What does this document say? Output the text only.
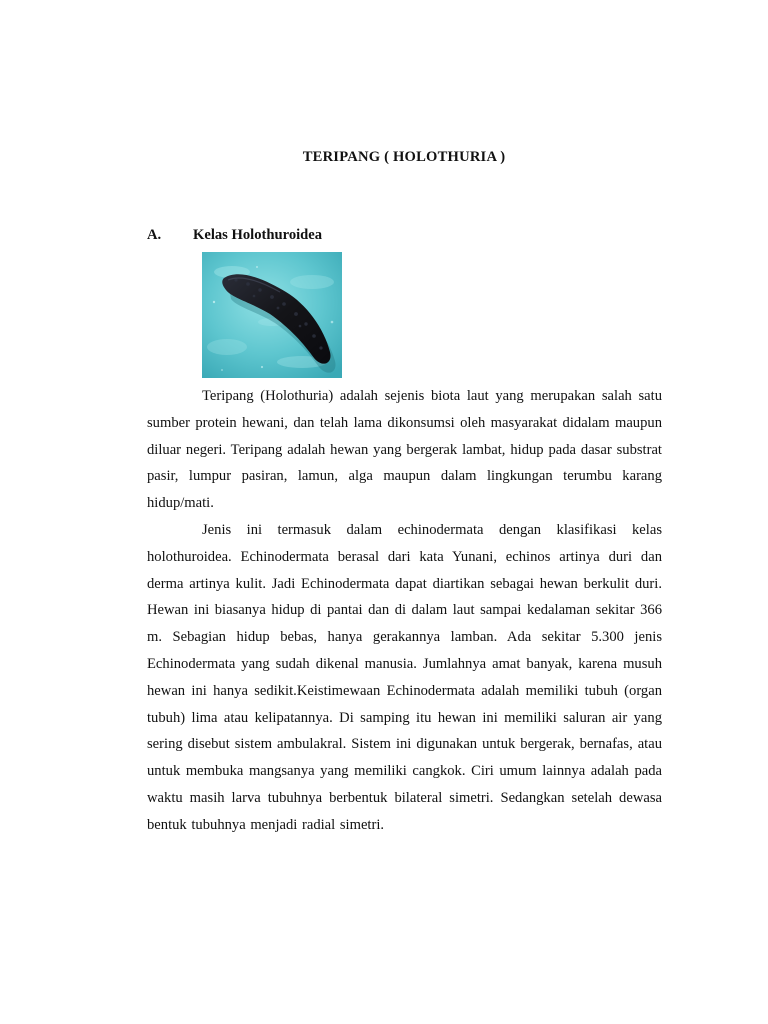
TERIPANG ( HOLOTHURIA )
A. Kelas Holothuroidea

Teripang (Holothuria) adalah sejenis biota laut yang merupakan salah satu sumber protein hewani, dan telah lama dikonsumsi oleh masyarakat didalam maupun diluar negeri. Teripang adalah hewan yang bergerak lambat, hidup pada dasar substrat pasir, lumpur pasiran, lamun, alga maupun dalam lingkungan terumbu karang hidup/mati.

Jenis ini termasuk dalam echinodermata dengan klasifikasi kelas holothuroidea. Echinodermata berasal dari kata Yunani, echinos artinya duri dan derma artinya kulit. Jadi Echinodermata dapat diartikan sebagai hewan berkulit duri. Hewan ini biasanya hidup di pantai dan di dalam laut sampai kedalaman sekitar 366 m. Sebagian hidup bebas, hanya gerakannya lamban. Ada sekitar 5.300 jenis Echinodermata yang sudah dikenal manusia. Jumlahnya amat banyak, karena musuh hewan ini hanya sedikit.Keistimewaan Echinodermata adalah memiliki tubuh (organ tubuh) lima atau kelipatannya. Di samping itu hewan ini memiliki saluran air yang sering disebut sistem ambulakral. Sistem ini digunakan untuk bergerak, bernafas, atau untuk membuka mangsanya yang memiliki cangkok. Ciri umum lainnya adalah pada waktu masih larva tubuhnya berbentuk bilateral simetri. Sedangkan setelah dewasa bentuk tubuhnya menjadi radial simetri.
